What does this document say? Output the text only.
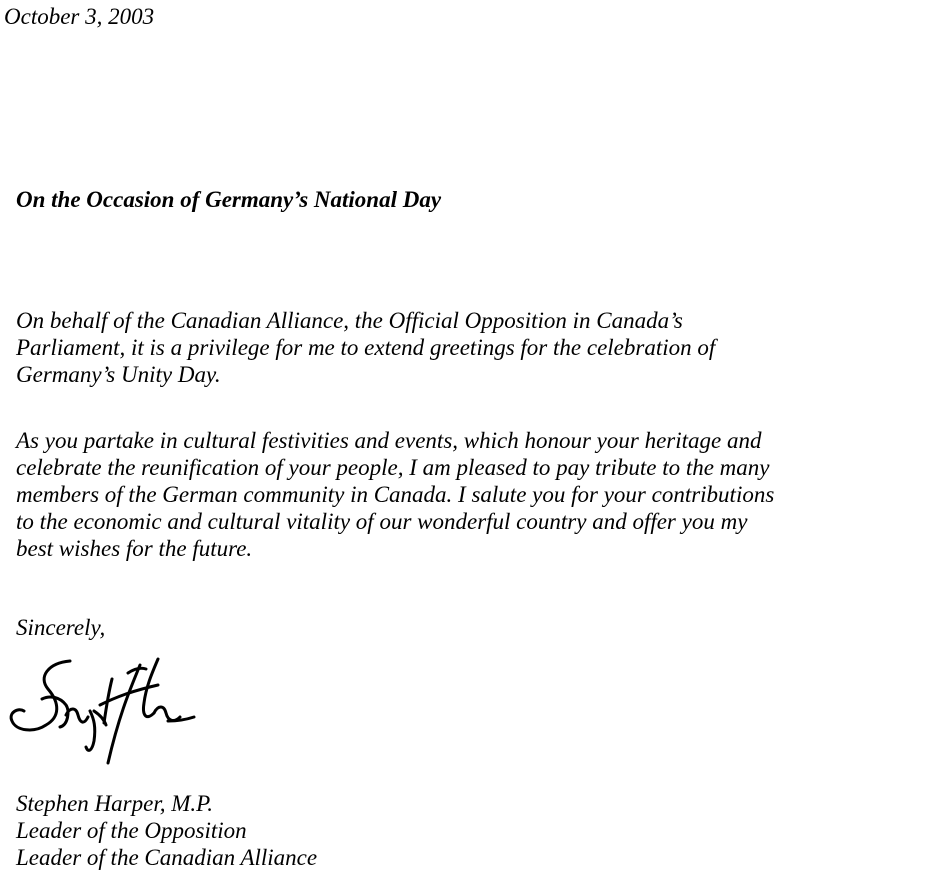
October 3, 2003
On the Occasion of Germany’s National Day

On behalf of the Canadian Alliance, the Official Opposition in Canada’s
Parliament, it is a privilege for me to extend greetings for the celebration of
Germany’s Unity Day.

As you partake in cultural festivities and events, which honour your heritage and
celebrate the reunification of your people, I am pleased to pay tribute to the many
members of the German community in Canada. I salute you for your contributions
to the economic and cultural vitality of our wonderful country and offer you my
best wishes for the future.

Sincerely,
Stephen Harper, M.P.
Leader of the Opposition
Leader of the Canadian Alliance
